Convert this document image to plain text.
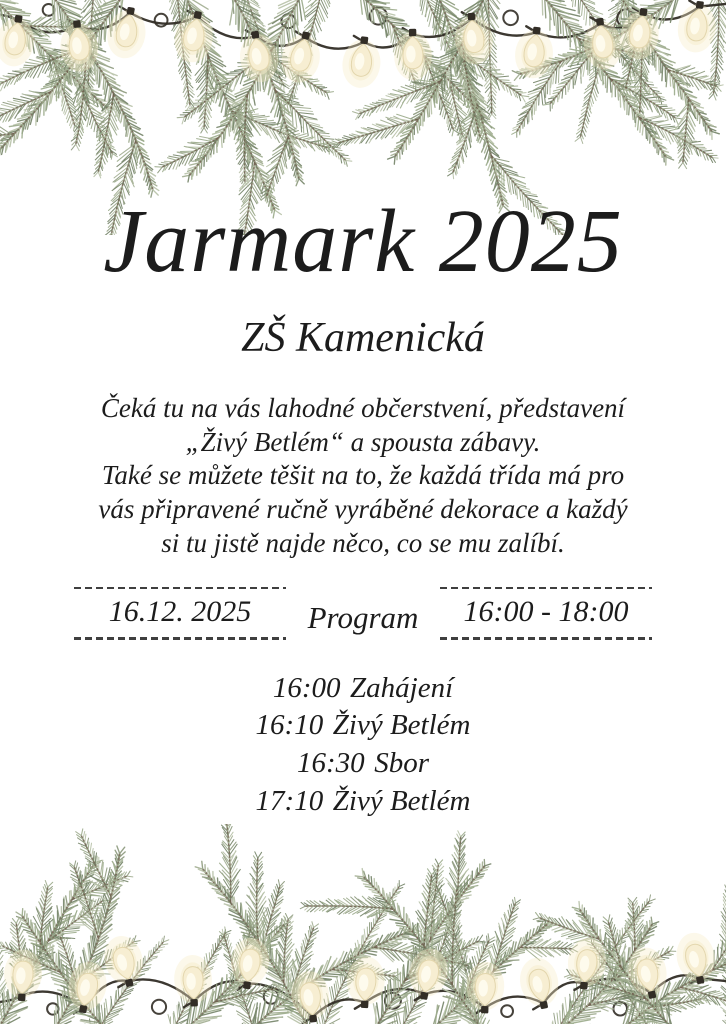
Jarmark 2025
ZŠ Kamenická
Čeká tu na vás lahodné občerstvení, představení
„Živý Betlém“ a spousta zábavy.
Také se můžete těšit na to, že každá třída má pro
vás připravené ručně vyráběné dekorace a každý
si tu jistě najde něco, co se mu zalíbí.
16.12. 2025	Program	16:00 - 18:00
16:00 Zahájení
16:10 Živý Betlém
16:30 Sbor
17:10 Živý Betlém
